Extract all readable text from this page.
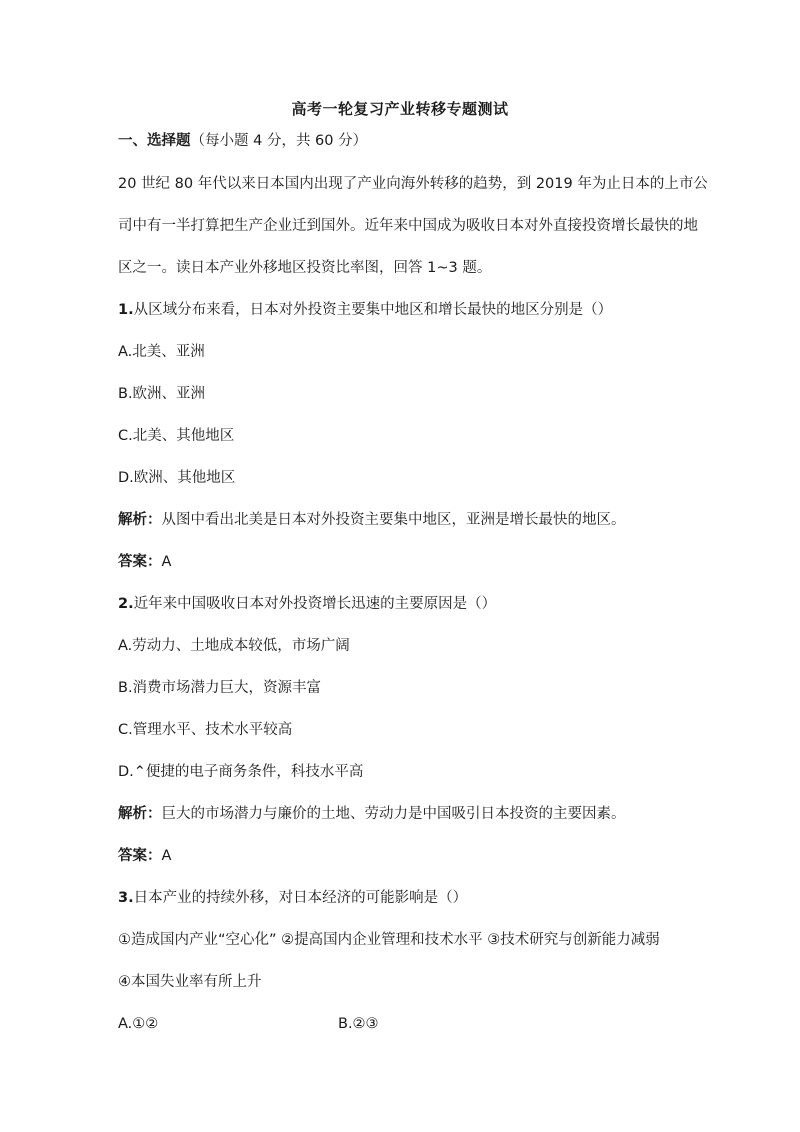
高考一轮复习产业转移专题测试
一、选择题（每小题 4 分，共 60 分）
20 世纪 80 年代以来日本国内出现了产业向海外转移的趋势，到 2019 年为止日本的上市公
司中有一半打算把生产企业迁到国外。近年来中国成为吸收日本对外直接投资增长最快的地
区之一。读日本产业外移地区投资比率图，回答 1~3 题。
1.从区域分布来看，日本对外投资主要集中地区和增长最快的地区分别是（）
A.北美、亚洲
B.欧洲、亚洲
C.北美、其他地区
D.欧洲、其他地区
解析：从图中看出北美是日本对外投资主要集中地区，亚洲是增长最快的地区。
答案：A
2.近年来中国吸收日本对外投资增长迅速的主要原因是（）
A.劳动力、土地成本较低，市场广阔
B.消费市场潜力巨大，资源丰富
C.管理水平、技术水平较高
D.⌃便捷的电子商务条件，科技水平高
解析：巨大的市场潜力与廉价的土地、劳动力是中国吸引日本投资的主要因素。
答案：A
3.日本产业的持续外移，对日本经济的可能影响是（）
①造成国内产业“空心化” ②提高国内企业管理和技术水平 ③技术研究与创新能力减弱
④本国失业率有所上升
A.①②	B.②③
